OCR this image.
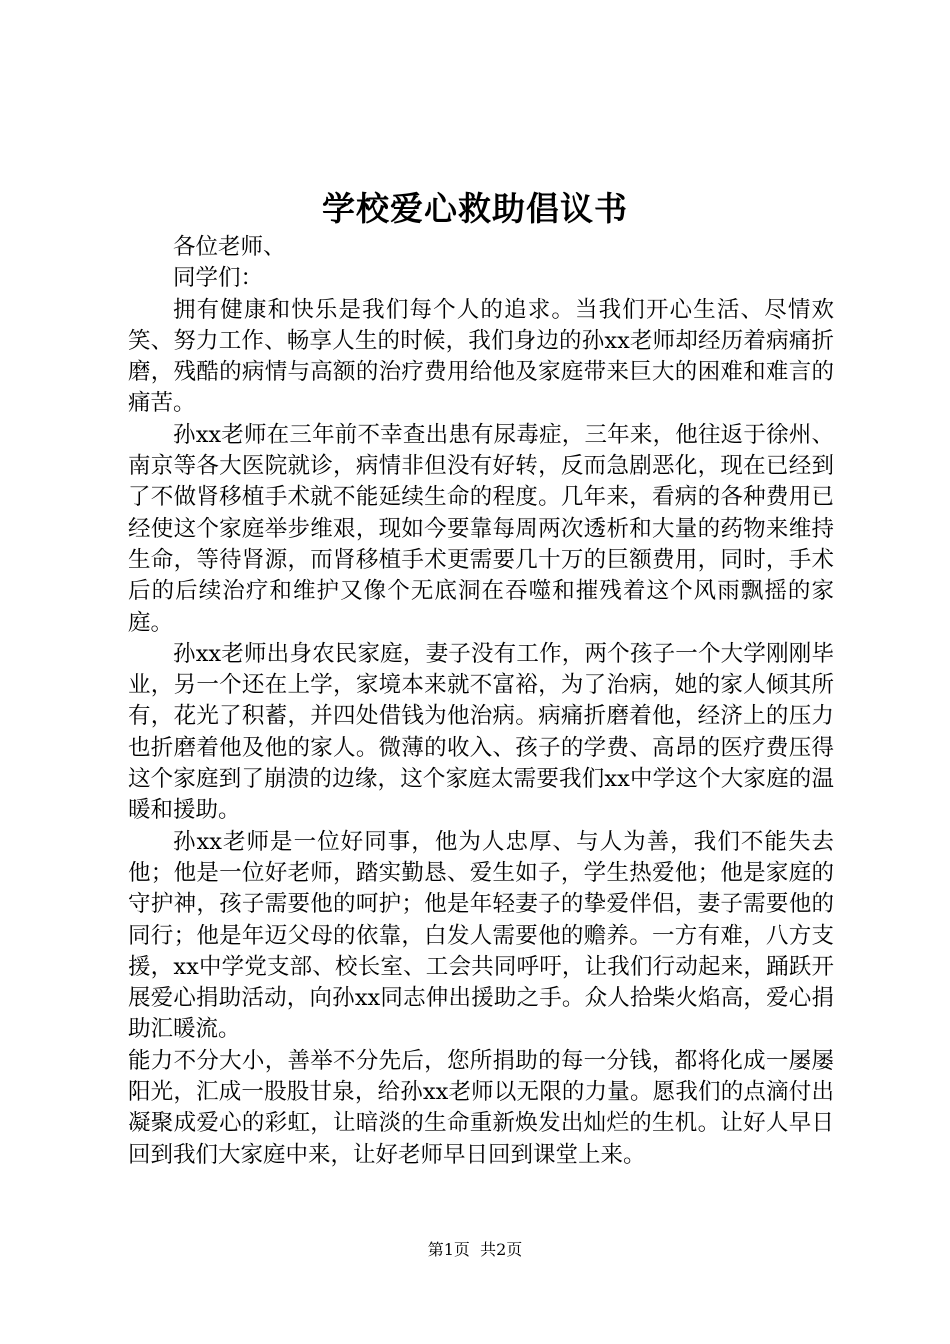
学校爱心救助倡议书

各位老师、

同学们：

拥有健康和快乐是我们每个人的追求。当我们开心生活、尽情欢笑、努力工作、畅享人生的时候，我们身边的孙xx老师却经历着病痛折磨，残酷的病情与高额的治疗费用给他及家庭带来巨大的困难和难言的痛苦。

孙xx老师在三年前不幸查出患有尿毒症，三年来，他往返于徐州、南京等各大医院就诊，病情非但没有好转，反而急剧恶化，现在已经到了不做肾移植手术就不能延续生命的程度。几年来，看病的各种费用已经使这个家庭举步维艰，现如今要靠每周两次透析和大量的药物来维持生命，等待肾源，而肾移植手术更需要几十万的巨额费用，同时，手术后的后续治疗和维护又像个无底洞在吞噬和摧残着这个风雨飘摇的家庭。

孙xx老师出身农民家庭，妻子没有工作，两个孩子一个大学刚刚毕业，另一个还在上学，家境本来就不富裕，为了治病，她的家人倾其所有，花光了积蓄，并四处借钱为他治病。病痛折磨着他，经济上的压力也折磨着他及他的家人。微薄的收入、孩子的学费、高昂的医疗费压得这个家庭到了崩溃的边缘，这个家庭太需要我们xx中学这个大家庭的温暖和援助。

孙xx老师是一位好同事，他为人忠厚、与人为善，我们不能失去他；他是一位好老师，踏实勤恳、爱生如子，学生热爱他；他是家庭的守护神，孩子需要他的呵护；他是年轻妻子的挚爱伴侣，妻子需要他的同行；他是年迈父母的依靠，白发人需要他的赡养。一方有难，八方支援，xx中学党支部、校长室、工会共同呼吁，让我们行动起来，踊跃开展爱心捐助活动，向孙xx同志伸出援助之手。众人拾柴火焰高，爱心捐助汇暖流。

能力不分大小，善举不分先后，您所捐助的每一分钱，都将化成一屡屡阳光，汇成一股股甘泉，给孙xx老师以无限的力量。愿我们的点滴付出凝聚成爱心的彩虹，让暗淡的生命重新焕发出灿烂的生机。让好人早日回到我们大家庭中来，让好老师早日回到课堂上来。

第1页 共2页
